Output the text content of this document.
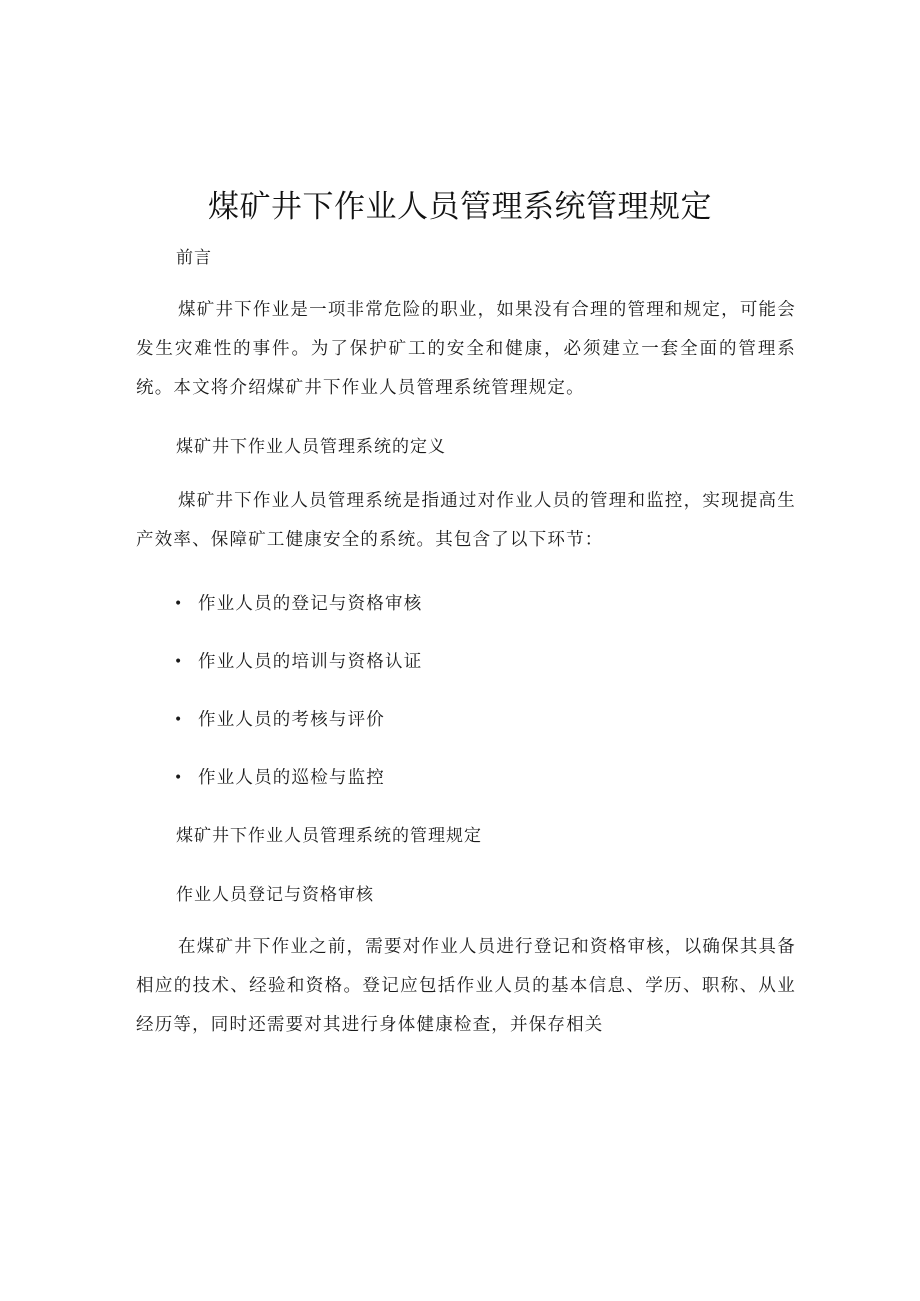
煤矿井下作业人员管理系统管理规定

前言

煤矿井下作业是一项非常危险的职业，如果没有合理的管理和规定，可能会发生灾难性的事件。为了保护矿工的安全和健康，必须建立一套全面的管理系统。本文将介绍煤矿井下作业人员管理系统管理规定。

煤矿井下作业人员管理系统的定义

煤矿井下作业人员管理系统是指通过对作业人员的管理和监控，实现提高生产效率、保障矿工健康安全的系统。其包含了以下环节：

• 作业人员的登记与资格审核
• 作业人员的培训与资格认证
• 作业人员的考核与评价
• 作业人员的巡检与监控

煤矿井下作业人员管理系统的管理规定

作业人员登记与资格审核

在煤矿井下作业之前，需要对作业人员进行登记和资格审核，以确保其具备相应的技术、经验和资格。登记应包括作业人员的基本信息、学历、职称、从业经历等，同时还需要对其进行身体健康检查，并保存相关
